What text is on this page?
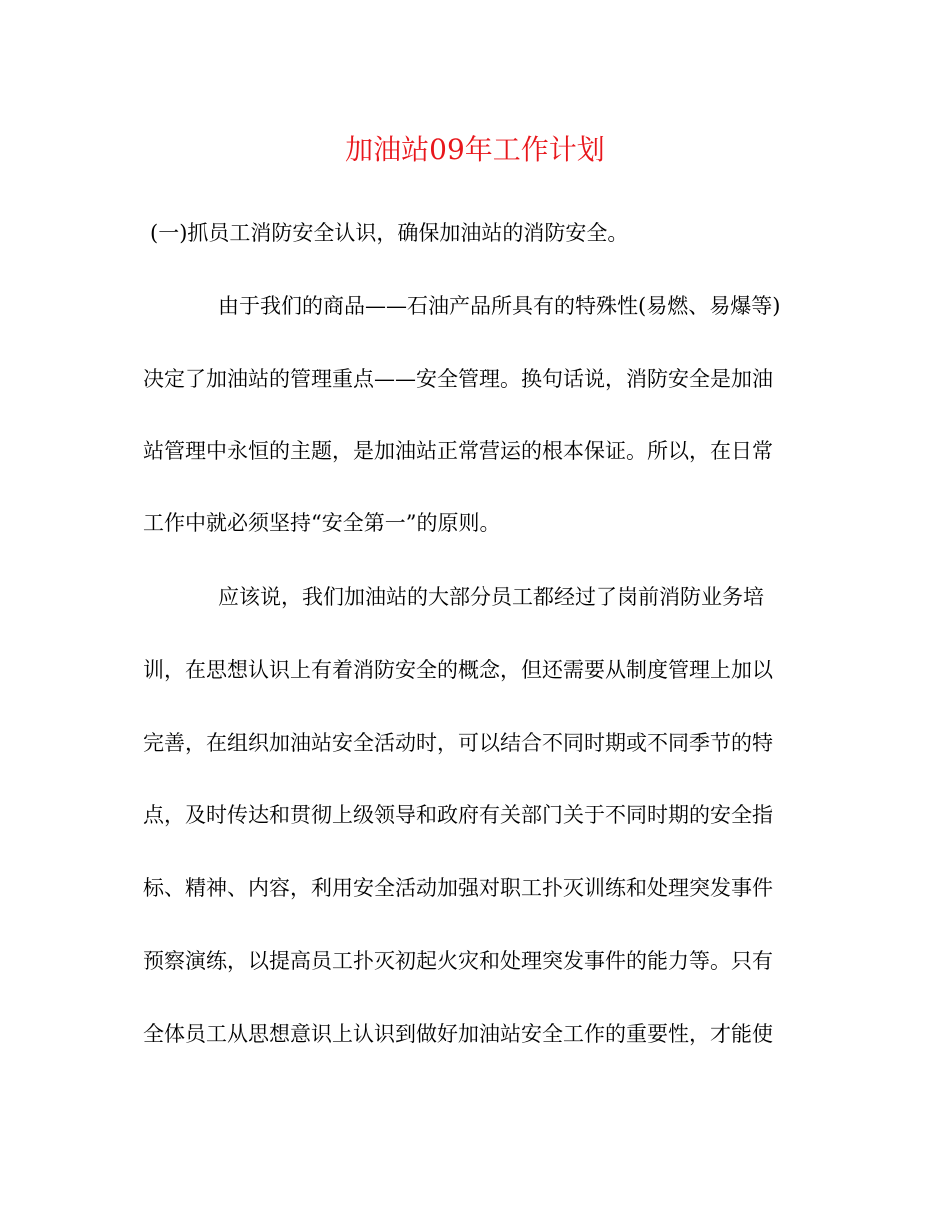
加油站09年工作计划
(一)抓员工消防安全认识，确保加油站的消防安全。
由于我们的商品——石油产品所具有的特殊性(易燃、易爆等)
决定了加油站的管理重点——安全管理。换句话说，消防安全是加油
站管理中永恒的主题，是加油站正常营运的根本保证。所以，在日常
工作中就必须坚持“安全第一”的原则。
应该说，我们加油站的大部分员工都经过了岗前消防业务培
训，在思想认识上有着消防安全的概念，但还需要从制度管理上加以
完善，在组织加油站安全活动时，可以结合不同时期或不同季节的特
点，及时传达和贯彻上级领导和政府有关部门关于不同时期的安全指
标、精神、内容，利用安全活动加强对职工扑灭训练和处理突发事件
预察演练，以提高员工扑灭初起火灾和处理突发事件的能力等。只有
全体员工从思想意识上认识到做好加油站安全工作的重要性，才能使
